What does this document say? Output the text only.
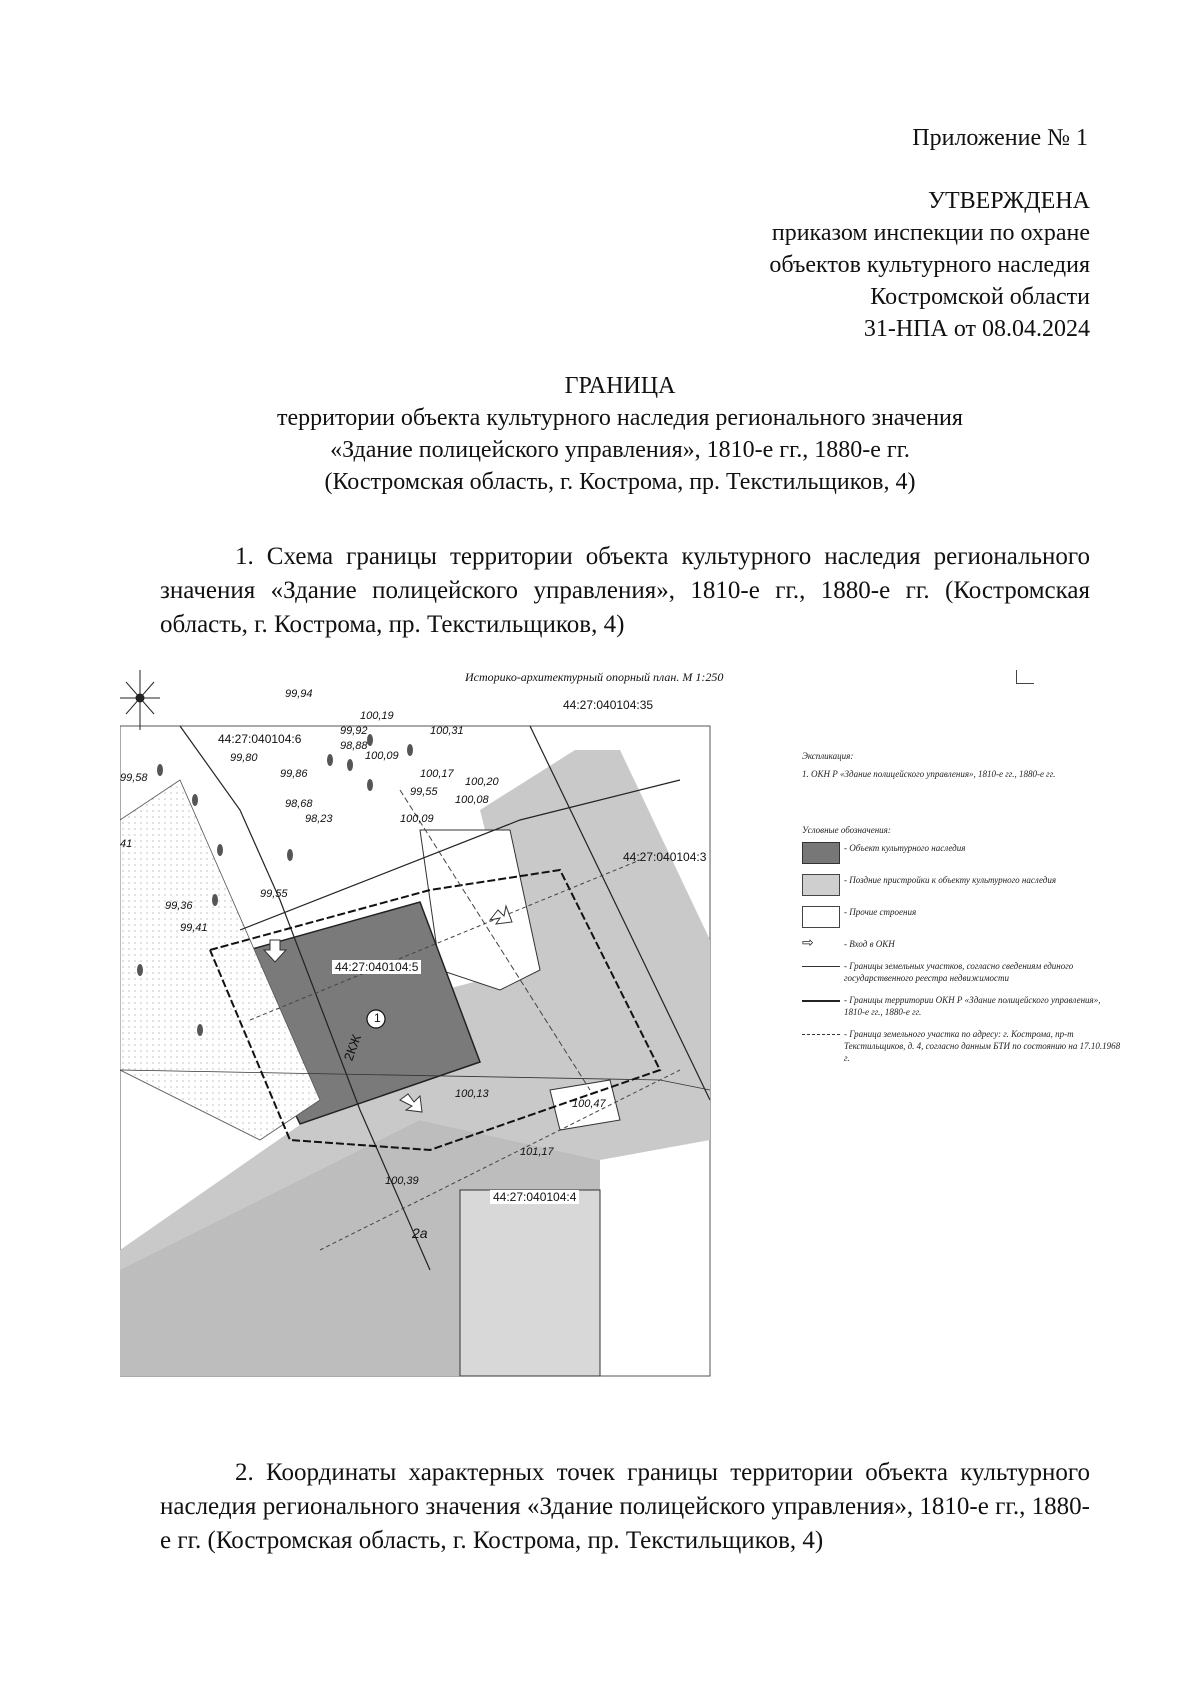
Приложение № 1
УТВЕРЖДЕНА
приказом инспекции по охране
объектов культурного наследия
Костромской области
31-НПА от 08.04.2024
ГРАНИЦА
территории объекта культурного наследия регионального значения
«Здание полицейского управления», 1810-е гг., 1880-е гг.
(Костромская область, г. Кострома, пр. Текстильщиков, 4)
1. Схема границы территории объекта культурного наследия регионального значения «Здание полицейского управления», 1810-е гг., 1880-е гг. (Костромская область, г. Кострома, пр. Текстильщиков, 4)
Историко-архитектурный опорный план. М 1:250
1
2КЖ
44:27:040104:35
44:27:040104:6
44:27:040104:3
44:27:040104:5
44:27:040104:4
99,94
100,19
99,92
98,88
100,31
99,80
99,86
100,09
99,58	100,17
100,20
99,55
100,08
98,68
98,23	100,09
99,55
99,36
99,41
100,13
100,47
101,17
100,39
41
2а
Экспликация:
1. ОКН Р «Здание полицейского управления», 1810-е гг., 1880-е гг.
Условные обозначения:
- Объект культурного наследия
- Поздние пристройки к объекту культурного наследия
- Прочие строения
⇨	- Вход в ОКН
- Границы земельных участков, согласно сведениям единого государственного реестра недвижимости
- Границы территории ОКН Р «Здание полицейского управления», 1810-е гг., 1880-е гг.
- Граница земельного участка по адресу: г. Кострома, пр-т Текстильщиков, д. 4, согласно данным БТИ по состоянию на 17.10.1968 г.
2. Координаты характерных точек границы территории объекта культурного наследия регионального значения «Здание полицейского управления», 1810-е гг., 1880-е гг. (Костромская область, г. Кострома, пр. Текстильщиков, 4)
